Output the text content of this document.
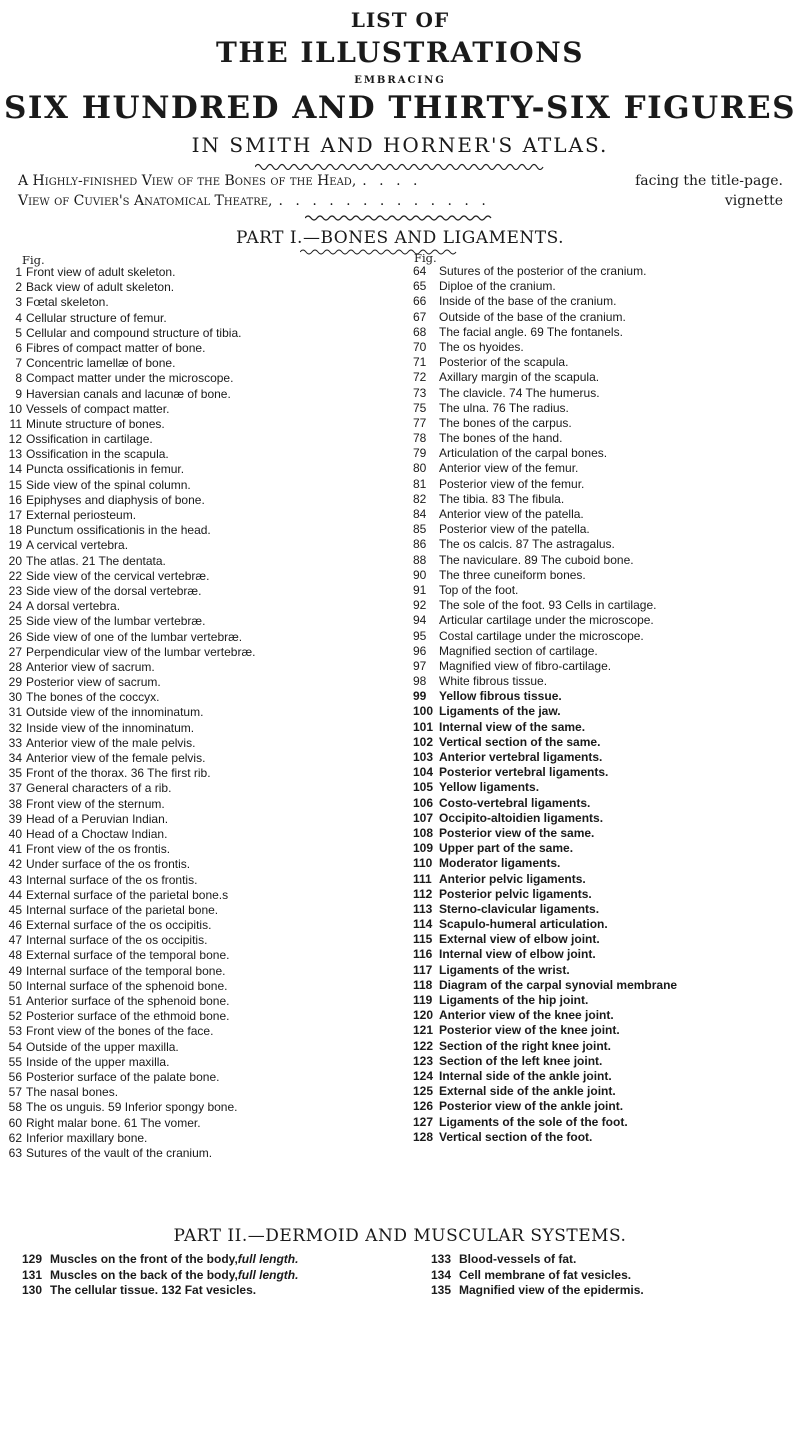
LIST OF
THE ILLUSTRATIONS
EMBRACING
SIX HUNDRED AND THIRTY-SIX FIGURES
IN SMITH AND HORNER'S ATLAS.
A Highly-finished View of the Bones of the Head, . . . .	facing the title-page.
View of Cuvier's Anatomical Theatre, . . . . . . . . . . . . .	vignette
PART I.—BONES AND LIGAMENTS.
Fig.	Fig.
1 Front view of adult skeleton.
2 Back view of adult skeleton.
3 Fœtal skeleton.
4 Cellular structure of femur.
5 Cellular and compound structure of tibia.
6 Fibres of compact matter of bone.
7 Concentric lamellæ of bone.
8 Compact matter under the microscope.
9 Haversian canals and lacunæ of bone.
10 Vessels of compact matter.
11 Minute structure of bones.
12 Ossification in cartilage.
13 Ossification in the scapula.
14 Puncta ossificationis in femur.
15 Side view of the spinal column.
16 Epiphyses and diaphysis of bone.
17 External periosteum.
18 Punctum ossificationis in the head.
19 A cervical vertebra.
20 The atlas. 21 The dentata.
22 Side view of the cervical vertebræ.
23 Side view of the dorsal vertebræ.
24 A dorsal vertebra.
25 Side view of the lumbar vertebræ.
26 Side view of one of the lumbar vertebræ.
27 Perpendicular view of the lumbar vertebræ.
28 Anterior view of sacrum.
29 Posterior view of sacrum.
30 The bones of the coccyx.
31 Outside view of the innominatum.
32 Inside view of the innominatum.
33 Anterior view of the male pelvis.
34 Anterior view of the female pelvis.
35 Front of the thorax. 36 The first rib.
37 General characters of a rib.
38 Front view of the sternum.
39 Head of a Peruvian Indian.
40 Head of a Choctaw Indian.
41 Front view of the os frontis.
42 Under surface of the os frontis.
43 Internal surface of the os frontis.
44 External surface of the parietal bone.s
45 Internal surface of the parietal bone.
46 External surface of the os occipitis.
47 Internal surface of the os occipitis.
48 External surface of the temporal bone.
49 Internal surface of the temporal bone.
50 Internal surface of the sphenoid bone.
51 Anterior surface of the sphenoid bone.
52 Posterior surface of the ethmoid bone.
53 Front view of the bones of the face.
54 Outside of the upper maxilla.
55 Inside of the upper maxilla.
56 Posterior surface of the palate bone.
57 The nasal bones.
58 The os unguis. 59 Inferior spongy bone.
60 Right malar bone. 61 The vomer.
62 Inferior maxillary bone.
63 Sutures of the vault of the cranium.
64	Sutures of the posterior of the cranium.
65	Diploe of the cranium.
66	Inside of the base of the cranium.
67	Outside of the base of the cranium.
68	The facial angle. 69 The fontanels.
70	The os hyoides.
71	Posterior of the scapula.
72	Axillary margin of the scapula.
73	The clavicle. 74 The humerus.
75	The ulna. 76 The radius.
77	The bones of the carpus.
78	The bones of the hand.
79	Articulation of the carpal bones.
80	Anterior view of the femur.
81	Posterior view of the femur.
82	The tibia. 83 The fibula.
84	Anterior view of the patella.
85	Posterior view of the patella.
86	The os calcis. 87 The astragalus.
88	The naviculare. 89 The cuboid bone.
90	The three cuneiform bones.
91	Top of the foot.
92	The sole of the foot. 93 Cells in cartilage.
94	Articular cartilage under the microscope.
95	Costal cartilage under the microscope.
96	Magnified section of cartilage.
97	Magnified view of fibro-cartilage.
98	White fibrous tissue.
99	Yellow fibrous tissue.
100 Ligaments of the jaw.
101 Internal view of the same.
102 Vertical section of the same.
103 Anterior vertebral ligaments.
104 Posterior vertebral ligaments.
105 Yellow ligaments.
106 Costo-vertebral ligaments.
107 Occipito-altoidien ligaments.
108 Posterior view of the same.
109 Upper part of the same.
110 Moderator ligaments.
111 Anterior pelvic ligaments.
112 Posterior pelvic ligaments.
113 Sterno-clavicular ligaments.
114 Scapulo-humeral articulation.
115 External view of elbow joint.
116 Internal view of elbow joint.
117 Ligaments of the wrist.
118 Diagram of the carpal synovial membrane
119 Ligaments of the hip joint.
120 Anterior view of the knee joint.
121 Posterior view of the knee joint.
122 Section of the right knee joint.
123 Section of the left knee joint.
124 Internal side of the ankle joint.
125 External side of the ankle joint.
126 Posterior view of the ankle joint.
127 Ligaments of the sole of the foot.
128 Vertical section of the foot.
PART II.—DERMOID AND MUSCULAR SYSTEMS.
129 Muscles on the front of the body, full length.
131 Muscles on the back of the body, full length.
130 The cellular tissue. 132 Fat vesicles.
133 Blood-vessels of fat.
134 Cell membrane of fat vesicles.
135 Magnified view of the epidermis.
